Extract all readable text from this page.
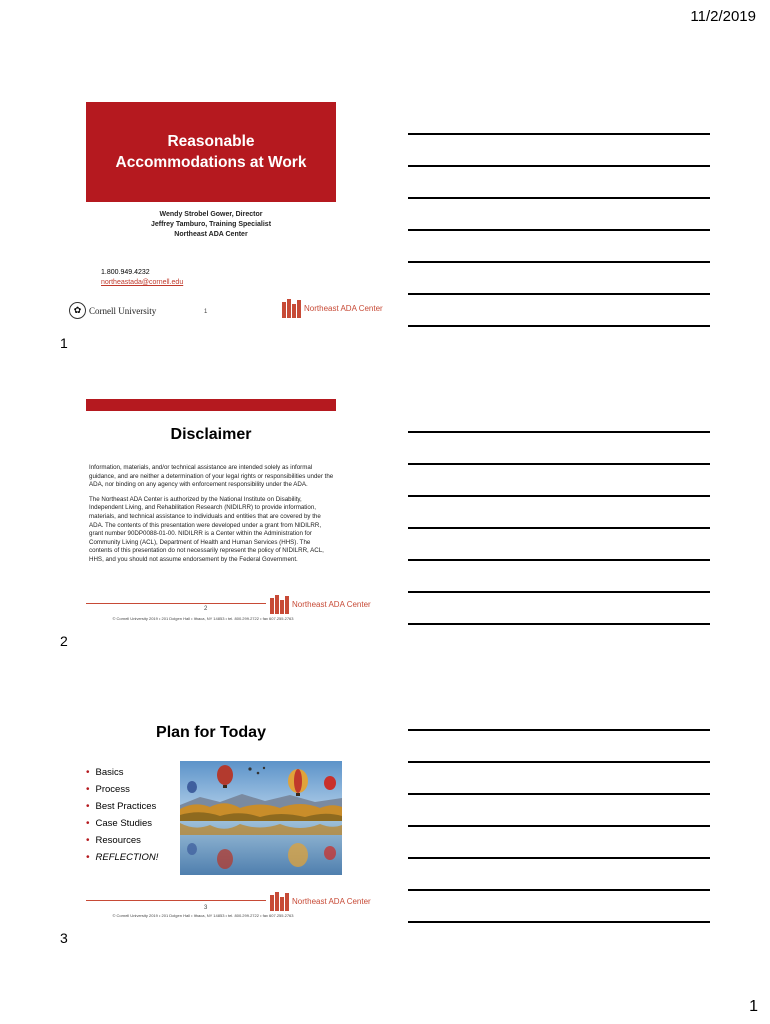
11/2/2019
Reasonable
Accommodations at Work
Wendy Strobel Gower, Director
Jeffrey Tamburo, Training Specialist
Northeast ADA Center
1.800.949.4232
northeastada@cornell.edu
✿ Cornell University	1	Northeast ADA Center
1
Disclaimer

Information, materials, and/or technical assistance are intended solely as informal guidance, and are neither a determination of your legal rights or responsibilities under the ADA, nor binding on any agency with enforcement responsibility under the ADA.

The Northeast ADA Center is authorized by the National Institute on Disability, Independent Living, and Rehabilitation Research (NIDILRR) to provide information, materials, and technical assistance to individuals and entities that are covered by the ADA. The contents of this presentation were developed under a grant from NIDILRR, grant number 90DP0088-01-00. NIDILRR is a Center within the Administration for Community Living (ACL), Department of Health and Human Services (HHS). The contents of this presentation do not necessarily represent the policy of NIDILRR, ACL, HHS, and you should not assume endorsement by the Federal Government.

Northeast ADA Center
2
© Cornell University 2019 • 201 Dolgen Hall • Ithaca, NY 14853 • tel. 800.299.2722 • fax 607.255.2763
2
Plan for Today
• Basics
• Process
• Best Practices
• Case Studies
• Resources
• REFLECTION!
Northeast ADA Center
3
© Cornell University 2019 • 201 Dolgen Hall • Ithaca, NY 14853 • tel. 800.299.2722 • fax 607.255.2763
3
1
